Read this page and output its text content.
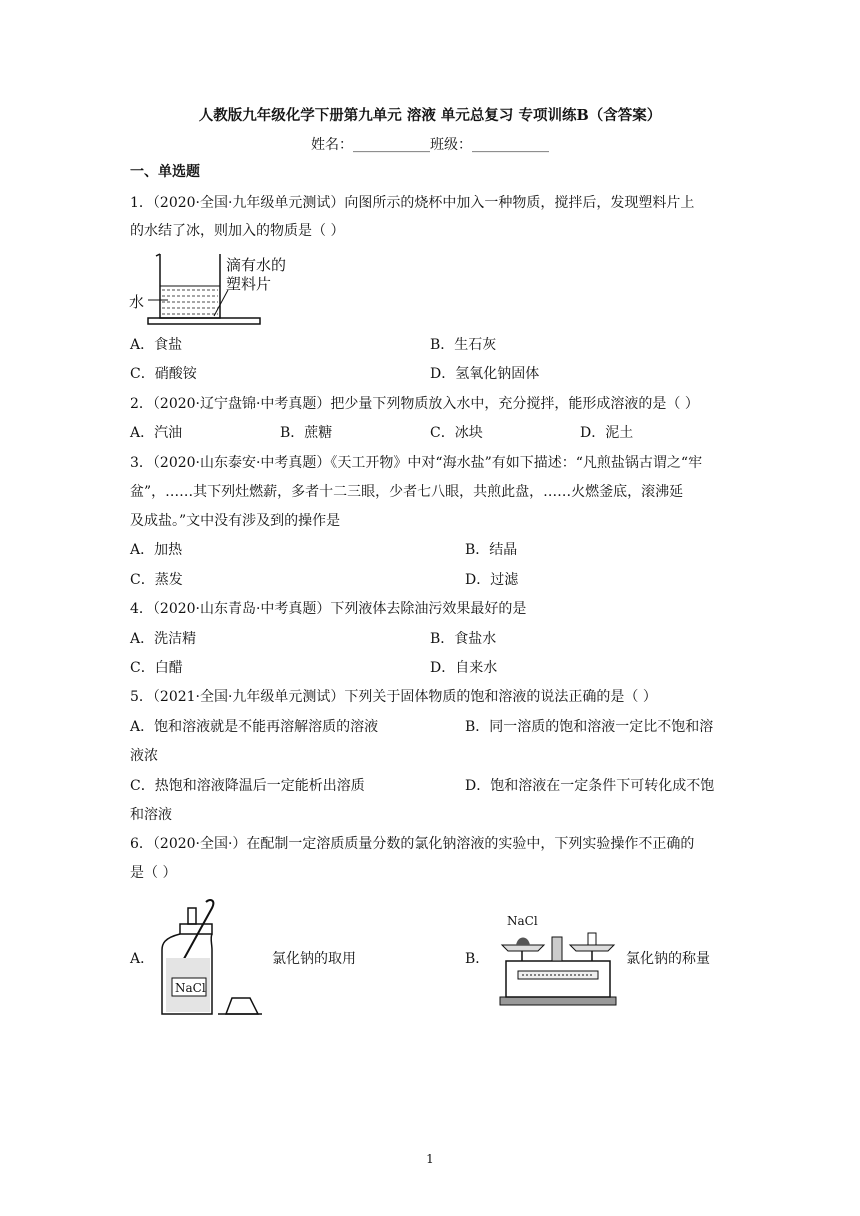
人教版九年级化学下册第九单元 溶液 单元总复习 专项训练B（含答案）
姓名：___________班级：___________
一、单选题
1．（2020·全国·九年级单元测试）向图所示的烧杯中加入一种物质，搅拌后，发现塑料片上
的水结了冰，则加入的物质是（ ）
滴有水的
塑料片
水
A．食盐	B．生石灰
C．硝酸铵	D．氢氧化钠固体
2．（2020·辽宁盘锦·中考真题）把少量下列物质放入水中，充分搅拌，能形成溶液的是（ ）
A．汽油	B．蔗糖	C．冰块	D．泥土
3．（2020·山东泰安·中考真题）《天工开物》中对“海水盐”有如下描述：“凡煎盐锅古谓之“牢
盆”，……其下列灶燃薪，多者十二三眼，少者七八眼，共煎此盘，……火燃釜底，滚沸延
及成盐。”文中没有涉及到的操作是
A．加热	B．结晶
C．蒸发	D．过滤
4．（2020·山东青岛·中考真题）下列液体去除油污效果最好的是
A．洗洁精	B．食盐水
C．白醋	D．自来水
5．（2021·全国·九年级单元测试）下列关于固体物质的饱和溶液的说法正确的是（ ）
A．饱和溶液就是不能再溶解溶质的溶液	B．同一溶质的饱和溶液一定比不饱和溶
液浓
C．热饱和溶液降温后一定能析出溶质	D．饱和溶液在一定条件下可转化成不饱
和溶液
6．（2020·全国·）在配制一定溶质质量分数的氯化钠溶液的实验中，下列实验操作不正确的
是（ ）
A．
NaCl
氯化钠的取用	B．
NaCl
氯化钠的称量
1
